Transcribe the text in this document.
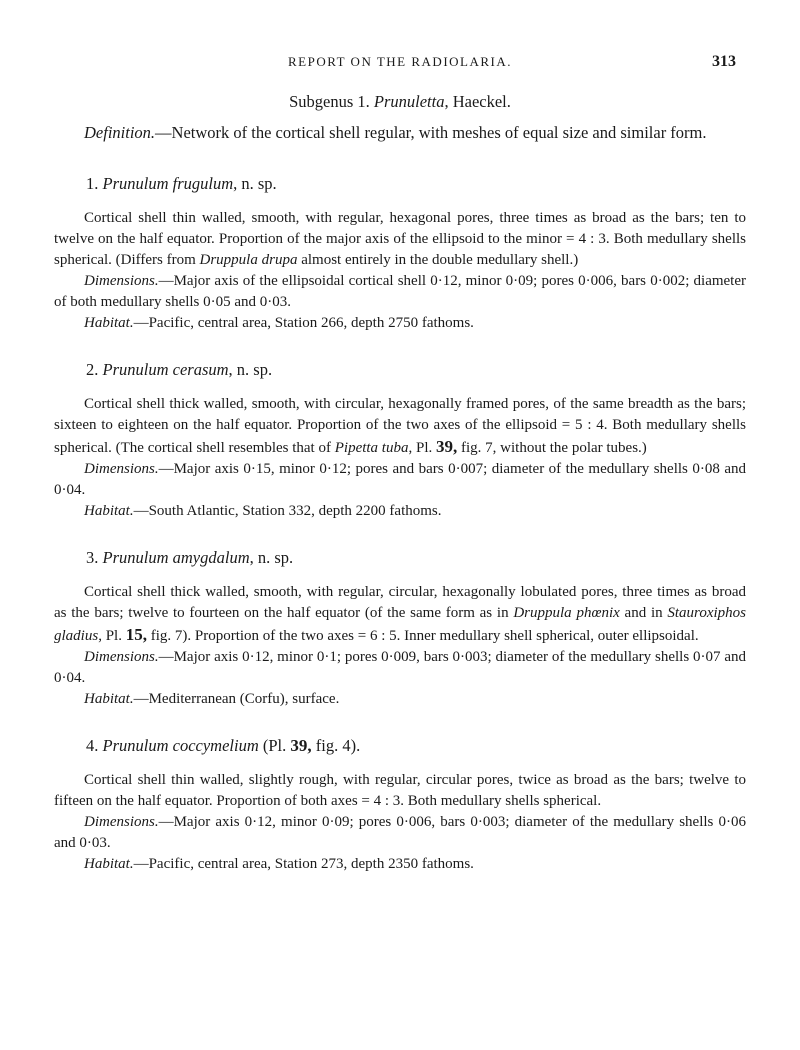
REPORT ON THE RADIOLARIA.	313

Subgenus 1. Prunuletta, Haeckel.

Definition.—Network of the cortical shell regular, with meshes of equal size and similar form.

1. Prunulum frugulum, n. sp.

Cortical shell thin walled, smooth, with regular, hexagonal pores, three times as broad as the bars; ten to twelve on the half equator. Proportion of the major axis of the ellipsoid to the minor = 4 : 3. Both medullary shells spherical. (Differs from Druppula drupa almost entirely in the double medullary shell.)

Dimensions.—Major axis of the ellipsoidal cortical shell 0·12, minor 0·09; pores 0·006, bars 0·002; diameter of both medullary shells 0·05 and 0·03.

Habitat.—Pacific, central area, Station 266, depth 2750 fathoms.

2. Prunulum cerasum, n. sp.

Cortical shell thick walled, smooth, with circular, hexagonally framed pores, of the same breadth as the bars; sixteen to eighteen on the half equator. Proportion of the two axes of the ellipsoid = 5 : 4. Both medullary shells spherical. (The cortical shell resembles that of Pipetta tuba, Pl. 39, fig. 7, without the polar tubes.)

Dimensions.—Major axis 0·15, minor 0·12; pores and bars 0·007; diameter of the medullary shells 0·08 and 0·04.

Habitat.—South Atlantic, Station 332, depth 2200 fathoms.

3. Prunulum amygdalum, n. sp.

Cortical shell thick walled, smooth, with regular, circular, hexagonally lobulated pores, three times as broad as the bars; twelve to fourteen on the half equator (of the same form as in Druppula phœnix and in Stauroxiphos gladius, Pl. 15, fig. 7). Proportion of the two axes = 6 : 5. Inner medullary shell spherical, outer ellipsoidal.

Dimensions.—Major axis 0·12, minor 0·1; pores 0·009, bars 0·003; diameter of the medullary shells 0·07 and 0·04.

Habitat.—Mediterranean (Corfu), surface.

4. Prunulum coccymelium (Pl. 39, fig. 4).

Cortical shell thin walled, slightly rough, with regular, circular pores, twice as broad as the bars; twelve to fifteen on the half equator. Proportion of both axes = 4 : 3. Both medullary shells spherical.

Dimensions.—Major axis 0·12, minor 0·09; pores 0·006, bars 0·003; diameter of the medullary shells 0·06 and 0·03.

Habitat.—Pacific, central area, Station 273, depth 2350 fathoms.
